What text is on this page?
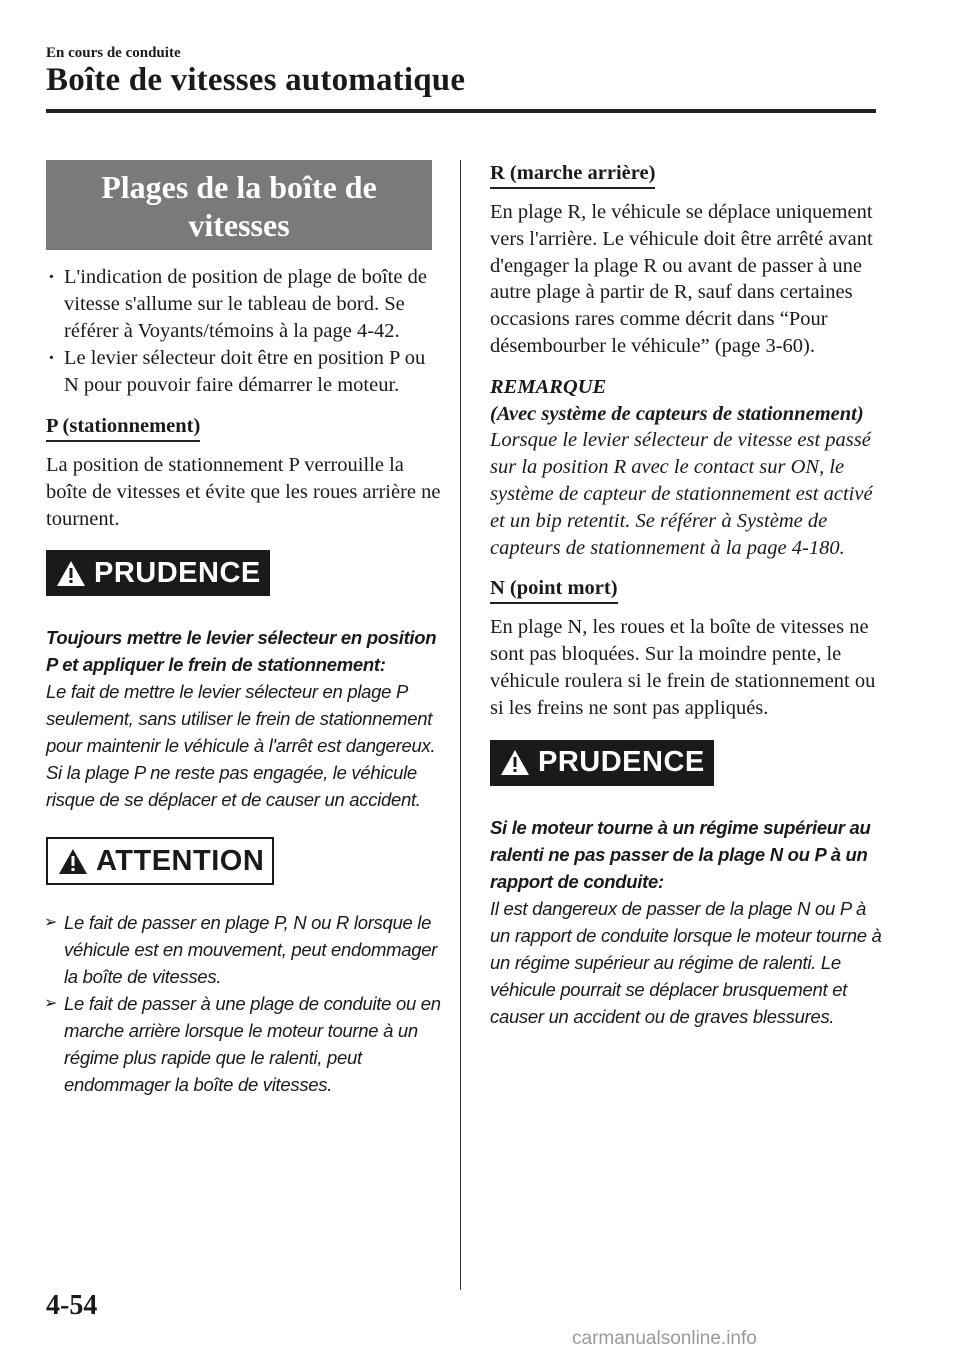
En cours de conduite
Boîte de vitesses automatique
Plages de la boîte de vitesses
· L'indication de position de plage de boîte de vitesse s'allume sur le tableau de bord. Se référer à Voyants/témoins à la page 4-42.
· Le levier sélecteur doit être en position P ou N pour pouvoir faire démarrer le moteur.
P (stationnement)

La position de stationnement P verrouille la boîte de vitesses et évite que les roues arrière ne tournent.

PRUDENCE

Toujours mettre le levier sélecteur en position P et appliquer le frein de stationnement:

Le fait de mettre le levier sélecteur en plage P seulement, sans utiliser le frein de stationnement pour maintenir le véhicule à l'arrêt est dangereux. Si la plage P ne reste pas engagée, le véhicule risque de se déplacer et de causer un accident.

ATTENTION
➢ Le fait de passer en plage P, N ou R lorsque le véhicule est en mouvement, peut endommager la boîte de vitesses.
➢ Le fait de passer à une plage de conduite ou en marche arrière lorsque le moteur tourne à un régime plus rapide que le ralenti, peut endommager la boîte de vitesses.
R (marche arrière)

En plage R, le véhicule se déplace uniquement vers l'arrière. Le véhicule doit être arrêté avant d'engager la plage R ou avant de passer à une autre plage à partir de R, sauf dans certaines occasions rares comme décrit dans “Pour désembourber le véhicule” (page 3-60).

REMARQUE
(Avec système de capteurs de stationnement)
Lorsque le levier sélecteur de vitesse est passé sur la position R avec le contact sur ON, le système de capteur de stationnement est activé et un bip retentit. Se référer à Système de capteurs de stationnement à la page 4-180.
N (point mort)

En plage N, les roues et la boîte de vitesses ne sont pas bloquées. Sur la moindre pente, le véhicule roulera si le frein de stationnement ou si les freins ne sont pas appliqués.

PRUDENCE

Si le moteur tourne à un régime supérieur au ralenti ne pas passer de la plage N ou P à un rapport de conduite:

Il est dangereux de passer de la plage N ou P à un rapport de conduite lorsque le moteur tourne à un régime supérieur au régime de ralenti. Le véhicule pourrait se déplacer brusquement et causer un accident ou de graves blessures.

4-54
carmanualsonline.info
